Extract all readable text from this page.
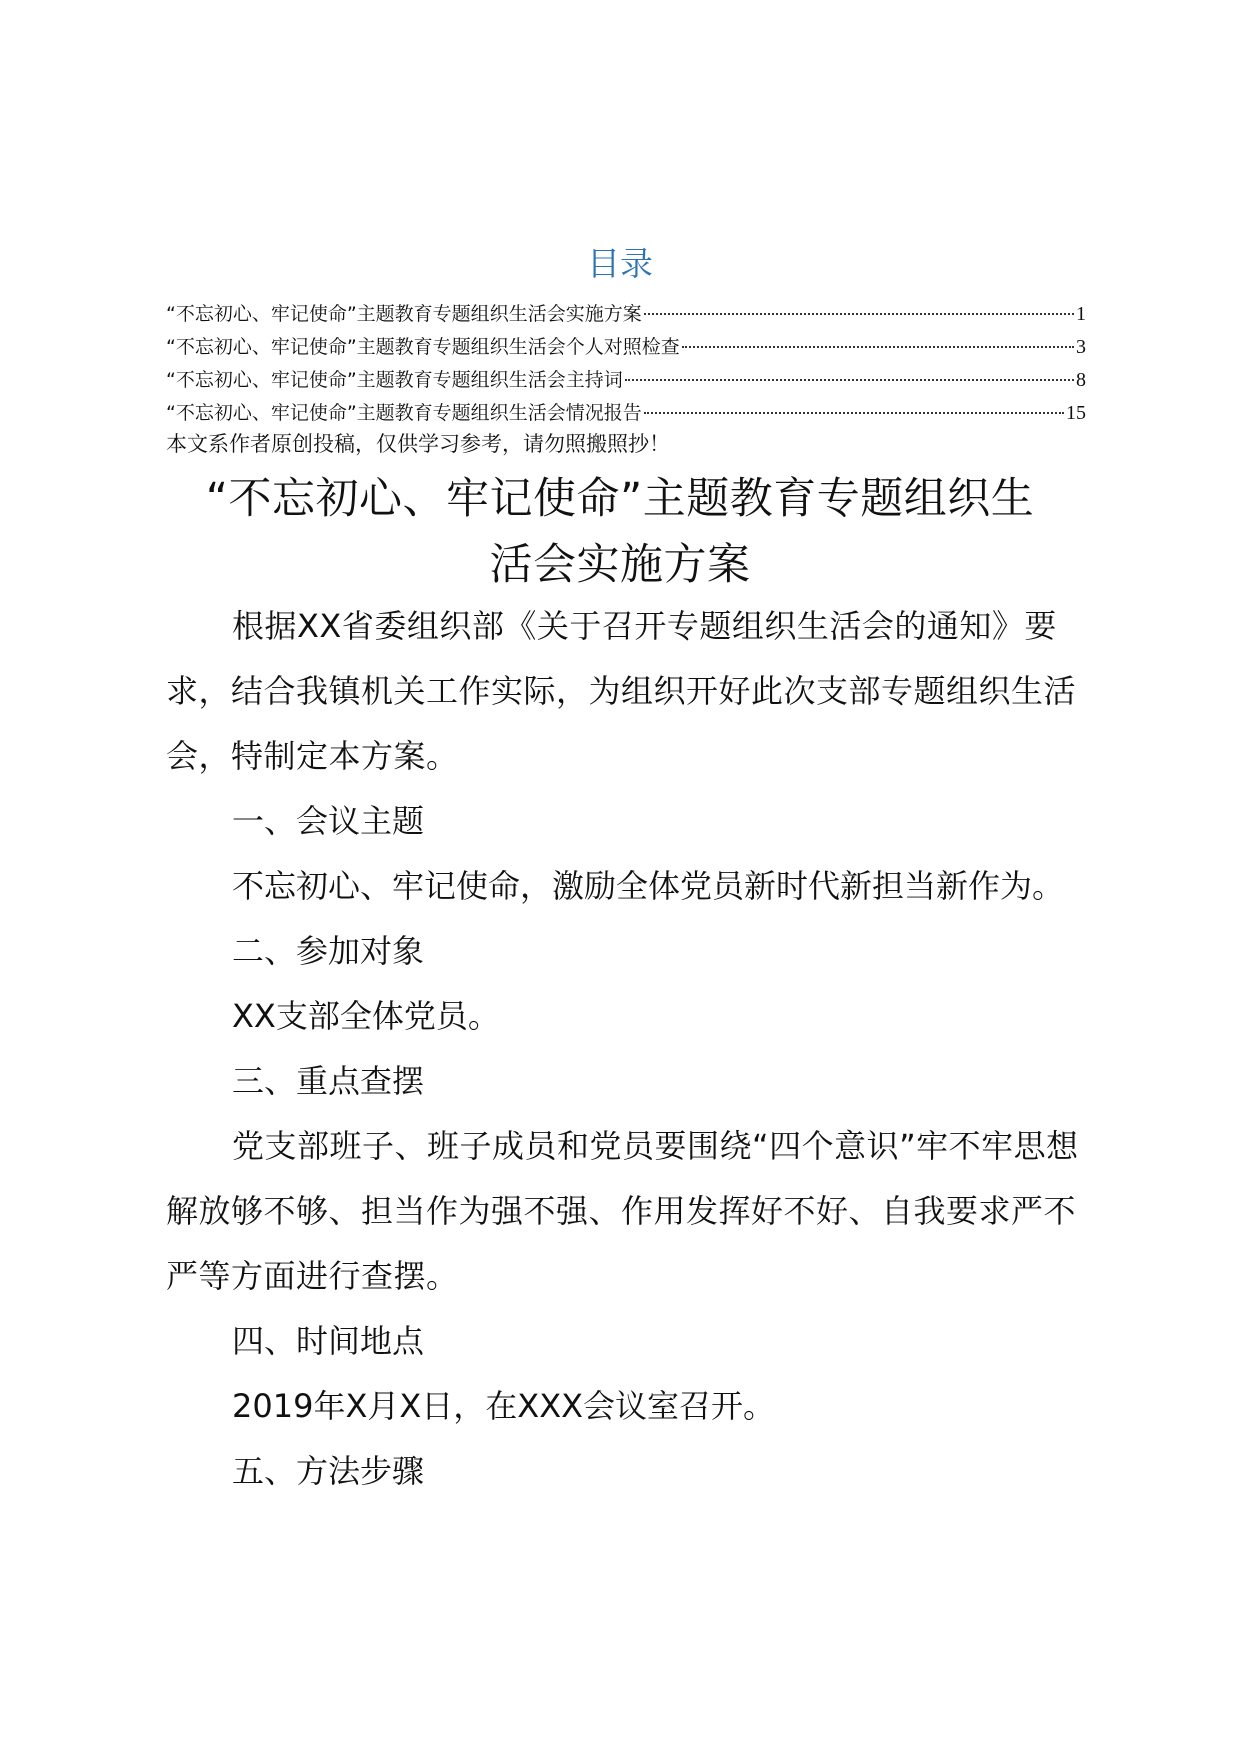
目录
“不忘初心、牢记使命”主题教育专题组织生活会实施方案	1
“不忘初心、牢记使命”主题教育专题组织生活会个人对照检查	3
“不忘初心、牢记使命”主题教育专题组织生活会主持词	8
“不忘初心、牢记使命”主题教育专题组织生活会情况报告	15
本文系作者原创投稿，仅供学习参考，请勿照搬照抄！
“不忘初心、牢记使命”主题教育专题组织生
活会实施方案

根据XX省委组织部《关于召开专题组织生活会的通知》要求，结合我镇机关工作实际，为组织开好此次支部专题组织生活会，特制定本方案。

一、会议主题

不忘初心、牢记使命，激励全体党员新时代新担当新作为。

二、参加对象

XX支部全体党员。

三、重点查摆

党支部班子、班子成员和党员要围绕“四个意识”牢不牢思想解放够不够、担当作为强不强、作用发挥好不好、自我要求严不严等方面进行查摆。

四、时间地点

2019年X月X日，在XXX会议室召开。

五、方法步骤
